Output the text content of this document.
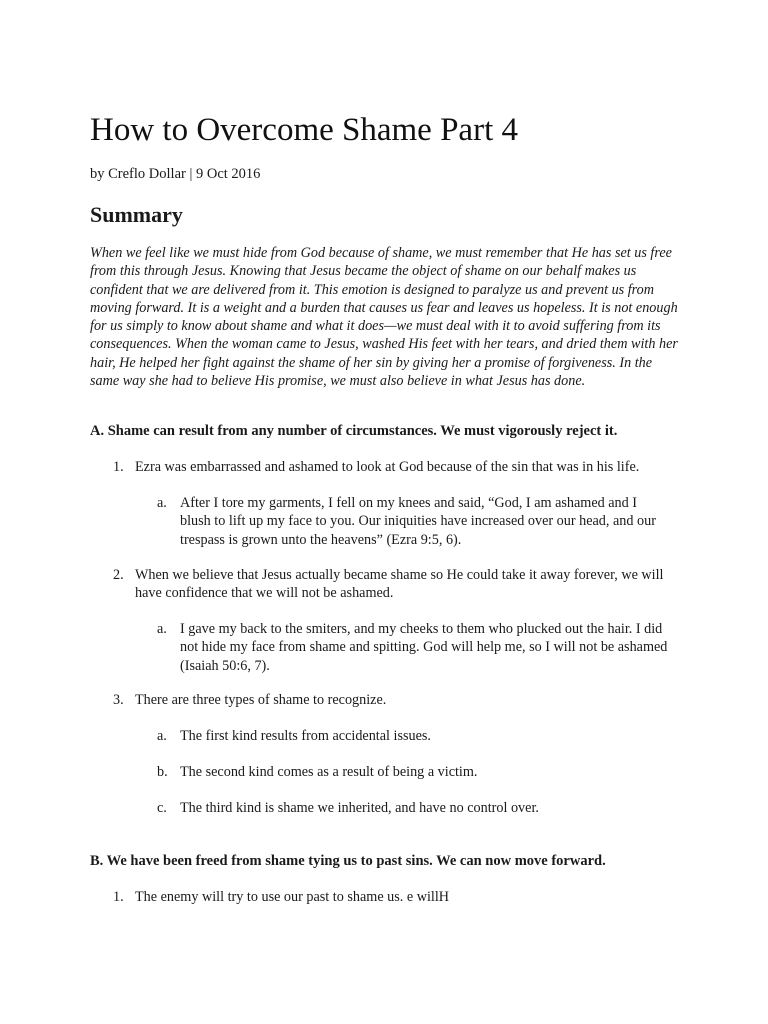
How to Overcome Shame Part 4

by Creflo Dollar | 9 Oct 2016

Summary

When we feel like we must hide from God because of shame, we must remember that He has set us free from this through Jesus. Knowing that Jesus became the object of shame on our behalf makes us confident that we are delivered from it. This emotion is designed to paralyze us and prevent us from moving forward. It is a weight and a burden that causes us fear and leaves us hopeless. It is not enough for us simply to know about shame and what it does—we must deal with it to avoid suffering from its consequences. When the woman came to Jesus, washed His feet with her tears, and dried them with her hair, He helped her fight against the shame of her sin by giving her a promise of forgiveness. In the same way she had to believe His promise, we must also believe in what Jesus has done.

A. Shame can result from any number of circumstances. We must vigorously reject it.

1. Ezra was embarrassed and ashamed to look at God because of the sin that was in his life.
a. After I tore my garments, I fell on my knees and said, “God, I am ashamed and I blush to lift up my face to you. Our iniquities have increased over our head, and our trespass is grown unto the heavens” (Ezra 9:5, 6).
2. When we believe that Jesus actually became shame so He could take it away forever, we will have confidence that we will not be ashamed.
a. I gave my back to the smiters, and my cheeks to them who plucked out the hair. I did not hide my face from shame and spitting. God will help me, so I will not be ashamed (Isaiah 50:6, 7).
3. There are three types of shame to recognize.
a. The first kind results from accidental issues.
b. The second kind comes as a result of being a victim.
c. The third kind is shame we inherited, and have no control over.

B. We have been freed from shame tying us to past sins. We can now move forward.

1. The enemy will try to use our past to shame us. e willH
